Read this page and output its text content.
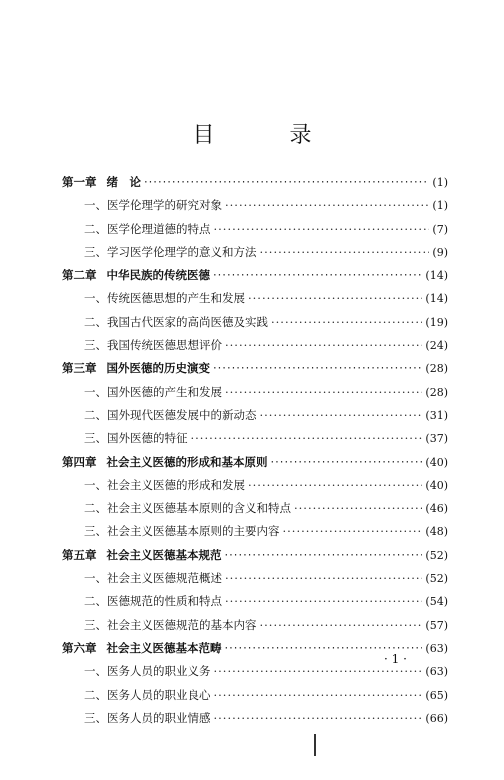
目 录
第一章 绪　论 ·····	(1)
一、医学伦理学的研究对象 ·····	(1)
二、医学伦理道德的特点 ·····	(7)
三、学习医学伦理学的意义和方法 ·····	(9)
第二章 中华民族的传统医德 ·····	(14)
一、传统医德思想的产生和发展 ·····	(14)
二、我国古代医家的高尚医德及实践 ·····	(19)
三、我国传统医德思想评价 ·····	(24)
第三章 国外医德的历史演变 ·····	(28)
一、国外医德的产生和发展 ·····	(28)
二、国外现代医德发展中的新动态 ·····	(31)
三、国外医德的特征 ·····	(37)
第四章 社会主义医德的形成和基本原则 ·····	(40)
一、社会主义医德的形成和发展 ·····	(40)
二、社会主义医德基本原则的含义和特点 ·····	(46)
三、社会主义医德基本原则的主要内容 ·····	(48)
第五章 社会主义医德基本规范 ·····	(52)
一、社会主义医德规范概述 ·····	(52)
二、医德规范的性质和特点 ·····	(54)
三、社会主义医德规范的基本内容 ·····	(57)
第六章 社会主义医德基本范畴 ·····	(63)
一、医务人员的职业义务 ·····	(63)
二、医务人员的职业良心 ·····	(65)
三、医务人员的职业情感 ·····	(66)
· 1 ·
